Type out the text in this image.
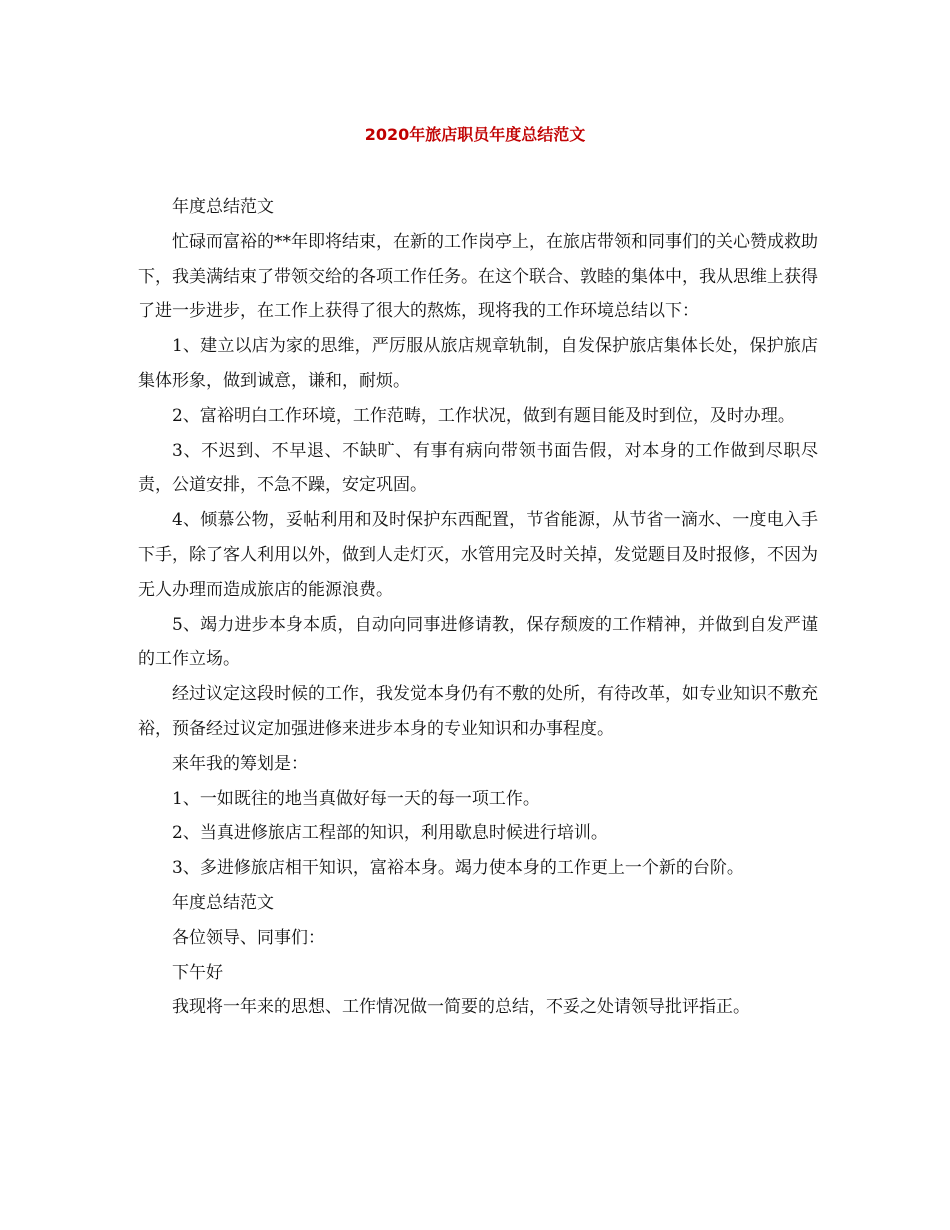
2020年旅店职员年度总结范文

年度总结范文

忙碌而富裕的**年即将结束，在新的工作岗亭上，在旅店带领和同事们的关心赞成救助下，我美满结束了带领交给的各项工作任务。在这个联合、敦睦的集体中，我从思维上获得了进一步进步，在工作上获得了很大的熬炼，现将我的工作环境总结以下：

1、建立以店为家的思维，严厉服从旅店规章轨制，自发保护旅店集体长处，保护旅店集体形象，做到诚意，谦和，耐烦。

2、富裕明白工作环境，工作范畴，工作状况，做到有题目能及时到位，及时办理。

3、不迟到、不早退、不缺旷、有事有病向带领书面告假，对本身的工作做到尽职尽责，公道安排，不急不躁，安定巩固。

4、倾慕公物，妥帖利用和及时保护东西配置，节省能源，从节省一滴水、一度电入手下手，除了客人利用以外，做到人走灯灭，水管用完及时关掉，发觉题目及时报修，不因为无人办理而造成旅店的能源浪费。

5、竭力进步本身本质，自动向同事进修请教，保存颓废的工作精神，并做到自发严谨的工作立场。

经过议定这段时候的工作，我发觉本身仍有不敷的处所，有待改革，如专业知识不敷充裕，预备经过议定加强进修来进步本身的专业知识和办事程度。

来年我的筹划是：

1、一如既往的地当真做好每一天的每一项工作。

2、当真进修旅店工程部的知识，利用歇息时候进行培训。

3、多进修旅店相干知识，富裕本身。竭力使本身的工作更上一个新的台阶。

年度总结范文

各位领导、同事们：

下午好

我现将一年来的思想、工作情况做一简要的总结，不妥之处请领导批评指正。
